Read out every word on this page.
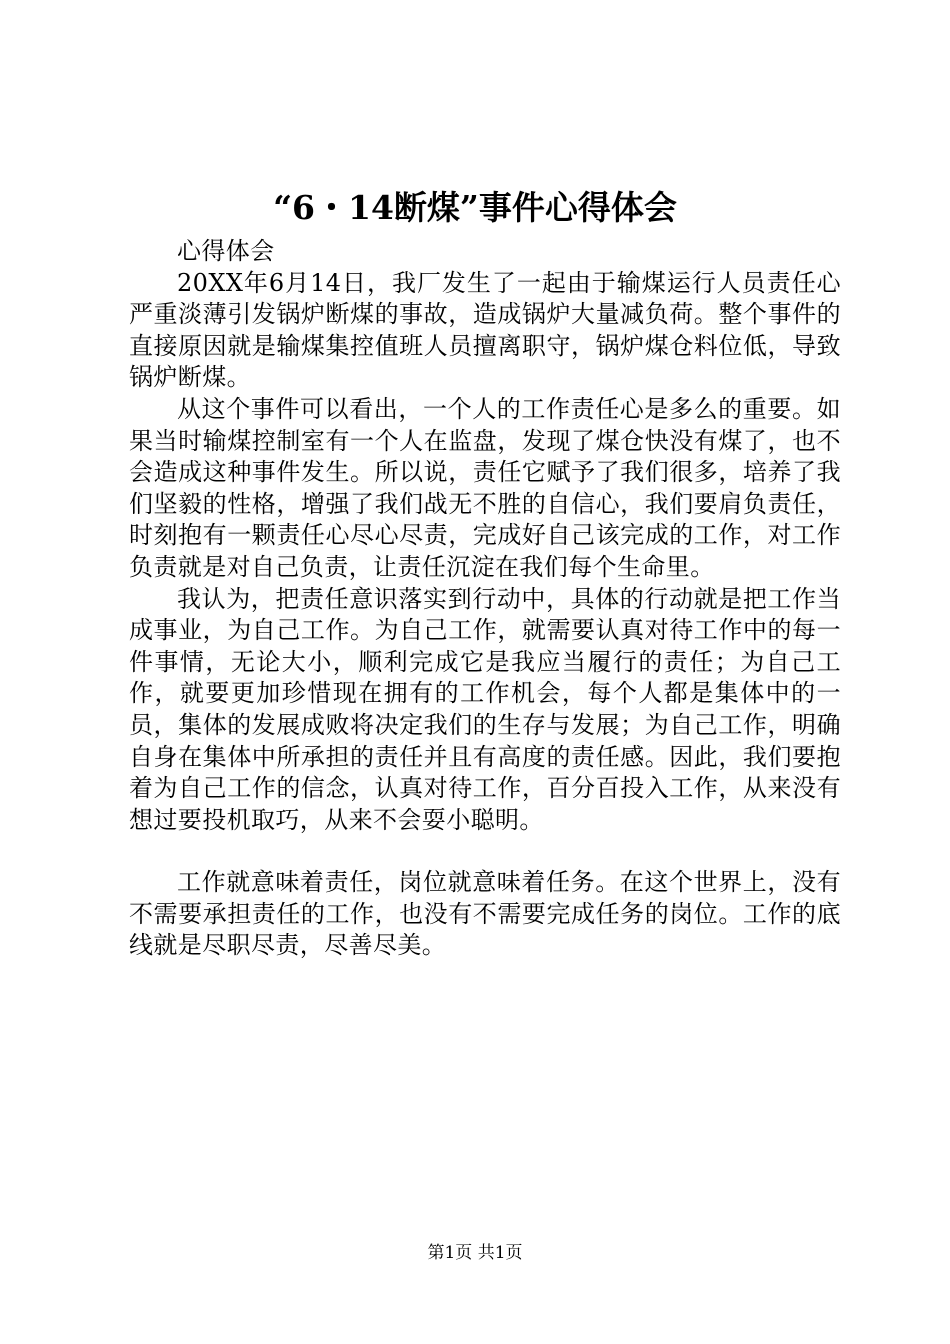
“6・14断煤”事件心得体会

心得体会

20XX年6月14日，我厂发生了一起由于输煤运行人员责任心严重淡薄引发锅炉断煤的事故，造成锅炉大量减负荷。整个事件的直接原因就是输煤集控值班人员擅离职守，锅炉煤仓料位低，导致锅炉断煤。

从这个事件可以看出，一个人的工作责任心是多么的重要。如果当时输煤控制室有一个人在监盘，发现了煤仓快没有煤了，也不会造成这种事件发生。所以说，责任它赋予了我们很多，培养了我们坚毅的性格，增强了我们战无不胜的自信心，我们要肩负责任，时刻抱有一颗责任心尽心尽责，完成好自己该完成的工作，对工作负责就是对自己负责，让责任沉淀在我们每个生命里。

我认为，把责任意识落实到行动中，具体的行动就是把工作当成事业，为自己工作。为自己工作，就需要认真对待工作中的每一件事情，无论大小，顺利完成它是我应当履行的责任；为自己工作，就要更加珍惜现在拥有的工作机会，每个人都是集体中的一员，集体的发展成败将决定我们的生存与发展；为自己工作，明确自身在集体中所承担的责任并且有高度的责任感。因此，我们要抱着为自己工作的信念，认真对待工作，百分百投入工作，从来没有想过要投机取巧，从来不会耍小聪明。

工作就意味着责任，岗位就意味着任务。在这个世界上，没有不需要承担责任的工作，也没有不需要完成任务的岗位。工作的底线就是尽职尽责，尽善尽美。

第1页 共1页
